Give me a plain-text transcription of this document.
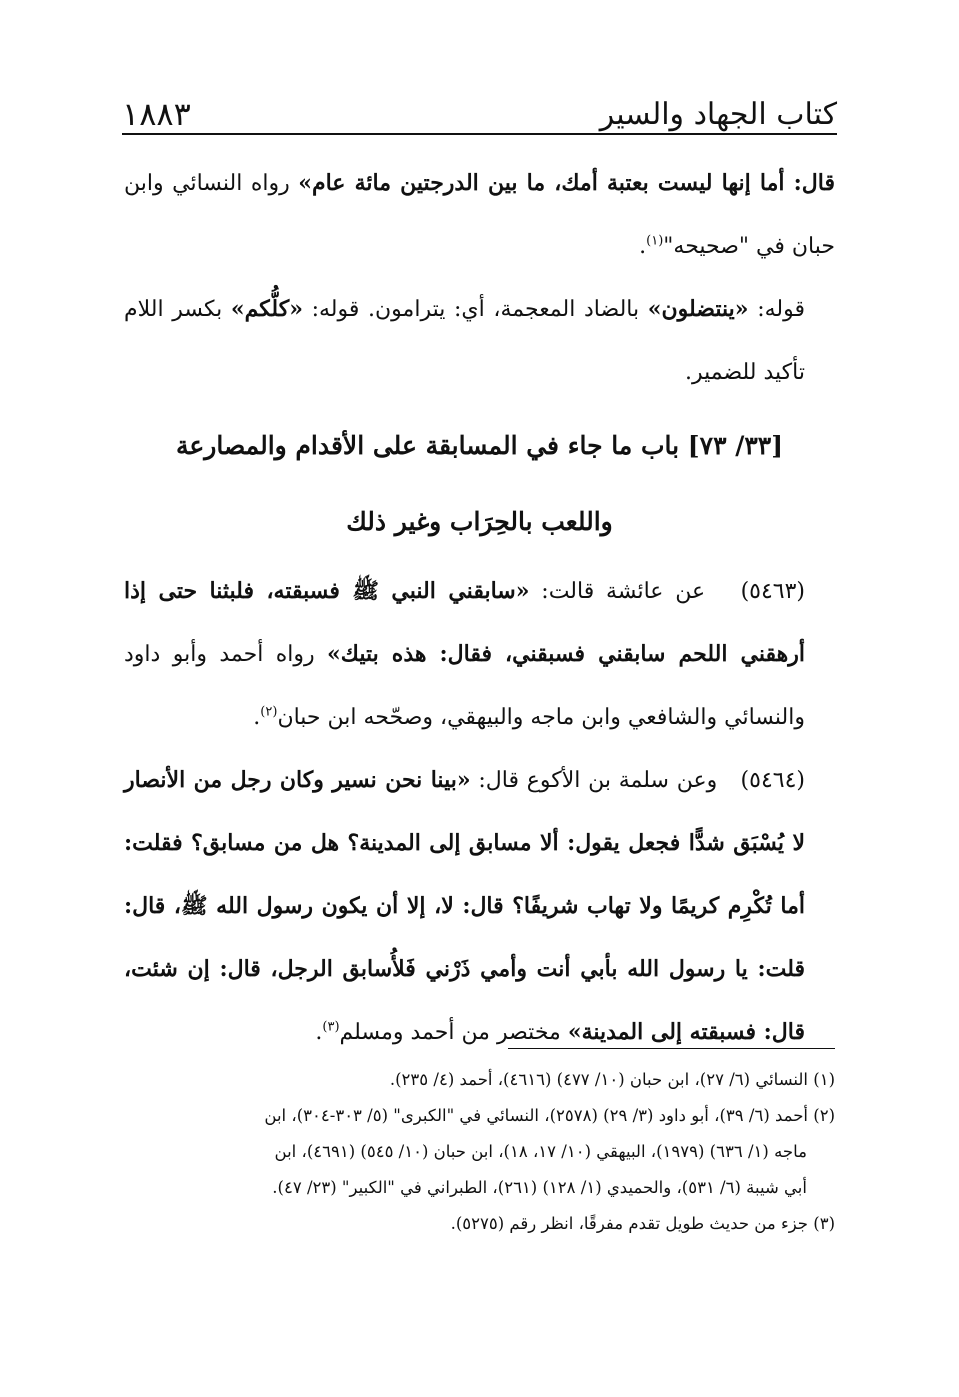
١٨٨٣	كتاب الجهاد والسير

قال: أما إنها ليست بعتبة أمك، ما بين الدرجتين مائة عام» رواه النسائي وابن حبان في "صحيحه"$^{(١)}$.

قوله: «ينتضلون» بالضاد المعجمة، أي: يترامون. قوله: «كلُّكم» بكسر اللام تأكيد للضمير.

[٣٣/ ٧٣] باب ما جاء في المسابقة على الأقدام والمصارعة
واللعب بالحِرَاب وغير ذلك

(٥٤٦٣)   عن عائشة قالت: «سابقني النبي ﷺ فسبقته، فلبثنا حتى إذا أرهقني اللحم سابقني فسبقني، فقال: هذه بتيك» رواه أحمد وأبو داود والنسائي والشافعي وابن ماجه والبيهقي، وصحّحه ابن حبان$^{(٢)}$.

(٥٤٦٤)   وعن سلمة بن الأكوع قال: «بينا نحن نسير وكان رجل من الأنصار لا يُسْبَق شدًّا فجعل يقول: ألا مسابق إلى المدينة؟ هل من مسابق؟ فقلت: أما تُكْرِم كريمًا ولا تهاب شريفًا؟ قال: لا، إلا أن يكون رسول الله ﷺ، قال: قلت: يا رسول الله بأبي أنت وأمي ذَرْني فَلأُسابق الرجل، قال: إن شئت، قال: فسبقته إلى المدينة» مختصر من أحمد ومسلم$^{(٣)}$.

(١) النسائي (٦/ ٢٧)، ابن حبان (١٠/ ٤٧٧) (٤٦١٦)، أحمد (٤/ ٢٣٥).

(٢) أحمد (٦/ ٣٩)، أبو داود (٣/ ٢٩) (٢٥٧٨)، النسائي في "الكبرى" (٥/ ٣٠٣-٣٠٤)، ابن

ماجه (١/ ٦٣٦) (١٩٧٩)، البيهقي (١٠/ ١٧، ١٨)، ابن حبان (١٠/ ٥٤٥) (٤٦٩١)، ابن

أبي شيبة (٦/ ٥٣١)، والحميدي (١/ ١٢٨) (٢٦١)، الطبراني في "الكبير" (٢٣/ ٤٧).

(٣) جزء من حديث طويل تقدم مفرقًا، انظر رقم (٥٢٧٥).
